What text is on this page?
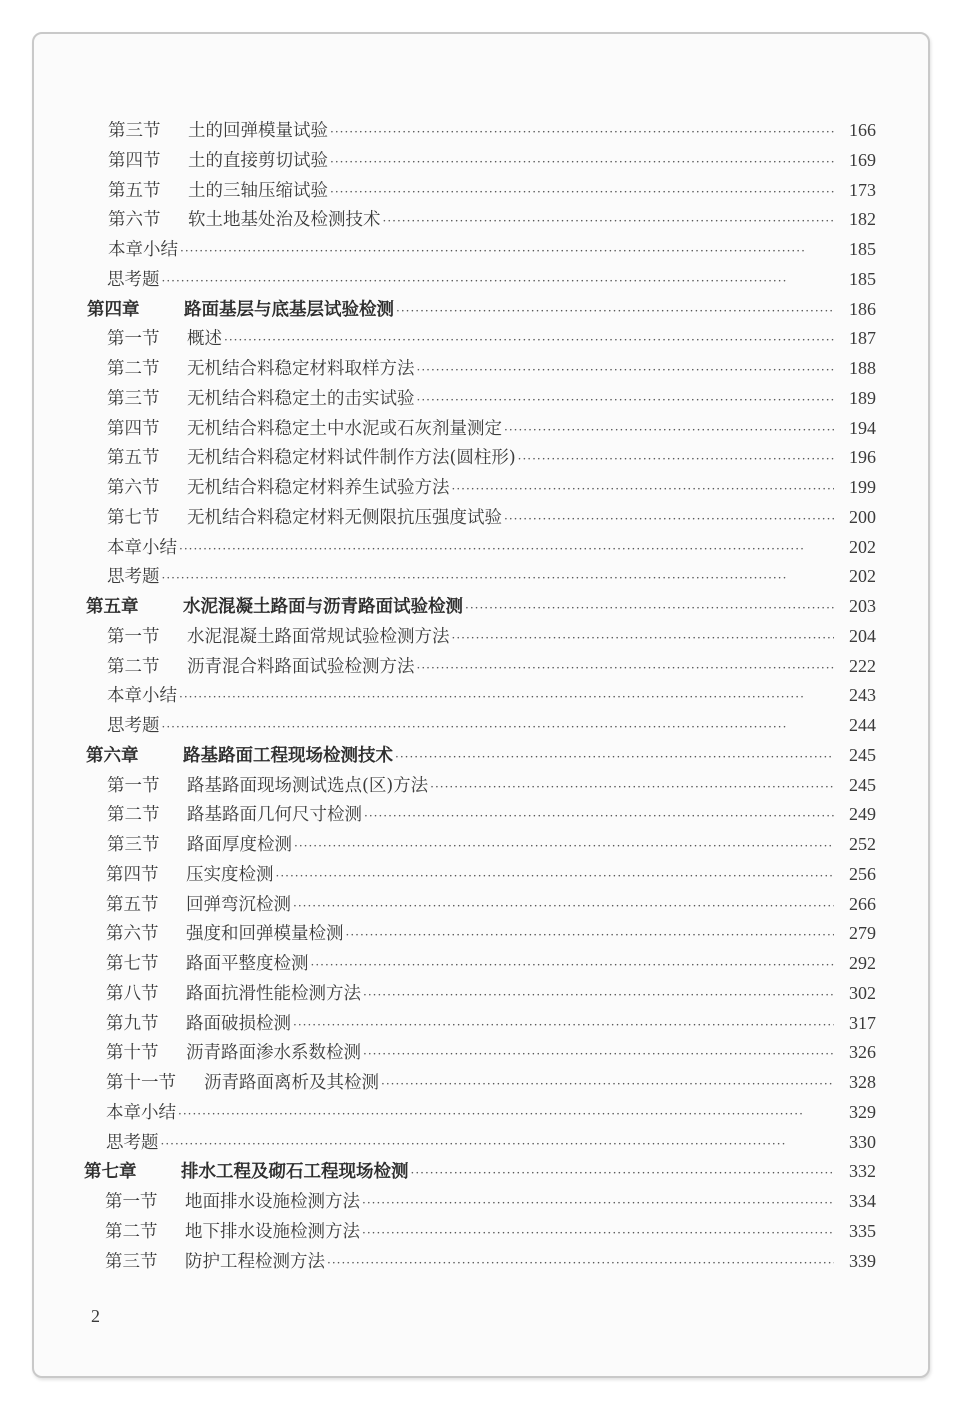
第三节	土的回弹模量试验 ·····	166
第四节	土的直接剪切试验 ·····	169
第五节	土的三轴压缩试验 ·····	173
第六节	软土地基处治及检测技术 ·····	182
本章小结 ·····	185
思考题 ·····	185
第四章	路面基层与底基层试验检测 ·····	186
第一节	概述 ·····	187
第二节	无机结合料稳定材料取样方法 ·····	188
第三节	无机结合料稳定土的击实试验 ·····	189
第四节	无机结合料稳定土中水泥或石灰剂量测定 ·····	194
第五节	无机结合料稳定材料试件制作方法(圆柱形) ·····	196
第六节	无机结合料稳定材料养生试验方法 ·····	199
第七节	无机结合料稳定材料无侧限抗压强度试验 ·····	200
本章小结 ·····	202
思考题 ·····	202
第五章	水泥混凝土路面与沥青路面试验检测 ·····	203
第一节	水泥混凝土路面常规试验检测方法 ·····	204
第二节	沥青混合料路面试验检测方法 ·····	222
本章小结 ·····	243
思考题 ·····	244
第六章	路基路面工程现场检测技术 ·····	245
第一节	路基路面现场测试选点(区)方法 ·····	245
第二节	路基路面几何尺寸检测 ·····	249
第三节	路面厚度检测 ·····	252
第四节	压实度检测 ·····	256
第五节	回弹弯沉检测 ·····	266
第六节	强度和回弹模量检测 ·····	279
第七节	路面平整度检测 ·····	292
第八节	路面抗滑性能检测方法 ·····	302
第九节	路面破损检测 ·····	317
第十节	沥青路面渗水系数检测 ·····	326
第十一节	沥青路面离析及其检测 ·····	328
本章小结 ·····	329
思考题 ·····	330
第七章	排水工程及砌石工程现场检测 ·····	332
第一节	地面排水设施检测方法 ·····	334
第二节	地下排水设施检测方法 ·····	335
第三节	防护工程检测方法 ·····	339
2
